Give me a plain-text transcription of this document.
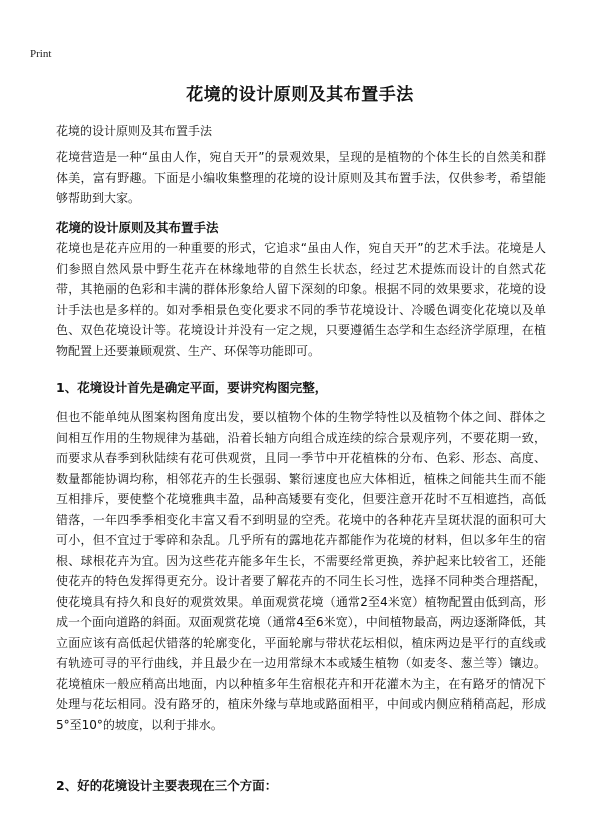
Print
花境的设计原则及其布置手法
花境的设计原则及其布置手法

花境营造是一种“虽由人作，宛自天开”的景观效果，呈现的是植物的个体生长的自然美和群体美，富有野趣。下面是小编收集整理的花境的设计原则及其布置手法，仅供参考，希望能够帮助到大家。

花境的设计原则及其布置手法

花境也是花卉应用的一种重要的形式，它追求“虽由人作，宛自天开”的艺术手法。花境是人们参照自然风景中野生花卉在林缘地带的自然生长状态，经过艺术提炼而设计的自然式花带，其艳丽的色彩和丰满的群体形象给人留下深刻的印象。根据不同的效果要求，花境的设计手法也是多样的。如对季相景色变化要求不同的季节花境设计、冷暖色调变化花境以及单色、双色花境设计等。花境设计并没有一定之规，只要遵循生态学和生态经济学原理，在植物配置上还要兼顾观赏、生产、环保等功能即可。

1、花境设计首先是确定平面，要讲究构图完整，

但也不能单纯从图案构图角度出发，要以植物个体的生物学特性以及植物个体之间、群体之间相互作用的生物规律为基础，沿着长轴方向组合成连续的综合景观序列，不要花期一致，而要求从春季到秋陆续有花可供观赏，且同一季节中开花植株的分布、色彩、形态、高度、数量都能协调均称，相邻花卉的生长强弱、繁衍速度也应大体相近，植株之间能共生而不能互相排斥，要使整个花境雅典丰盈，品种高矮要有变化，但要注意开花时不互相遮挡，高低错落，一年四季季相变化丰富又看不到明显的空秃。花境中的各种花卉呈斑状混的面积可大可小，但不宜过于零碎和杂乱。几乎所有的露地花卉都能作为花境的材料，但以多年生的宿根、球根花卉为宜。因为这些花卉能多年生长，不需要经常更换，养护起来比较省工，还能使花卉的特色发挥得更充分。设计者要了解花卉的不同生长习性，选择不同种类合理搭配，使花境具有持久和良好的观赏效果。单面观赏花境（通常2至4米宽）植物配置由低到高，形成一个面向道路的斜面。双面观赏花境（通常4至6米宽），中间植物最高，两边逐渐降低，其立面应该有高低起伏错落的轮廓变化，平面轮廓与带状花坛相似，植床两边是平行的直线或有轨迹可寻的平行曲线，并且最少在一边用常绿木本或矮生植物（如麦冬、葱兰等）镶边。花境植床一般应稍高出地面，内以种植多年生宿根花卉和开花灌木为主，在有路牙的情况下处理与花坛相同。没有路牙的，植床外缘与草地或路面相平，中间或内侧应稍稍高起，形成5°至10°的坡度，以利于排水。

2、好的花境设计主要表现在三个方面：
